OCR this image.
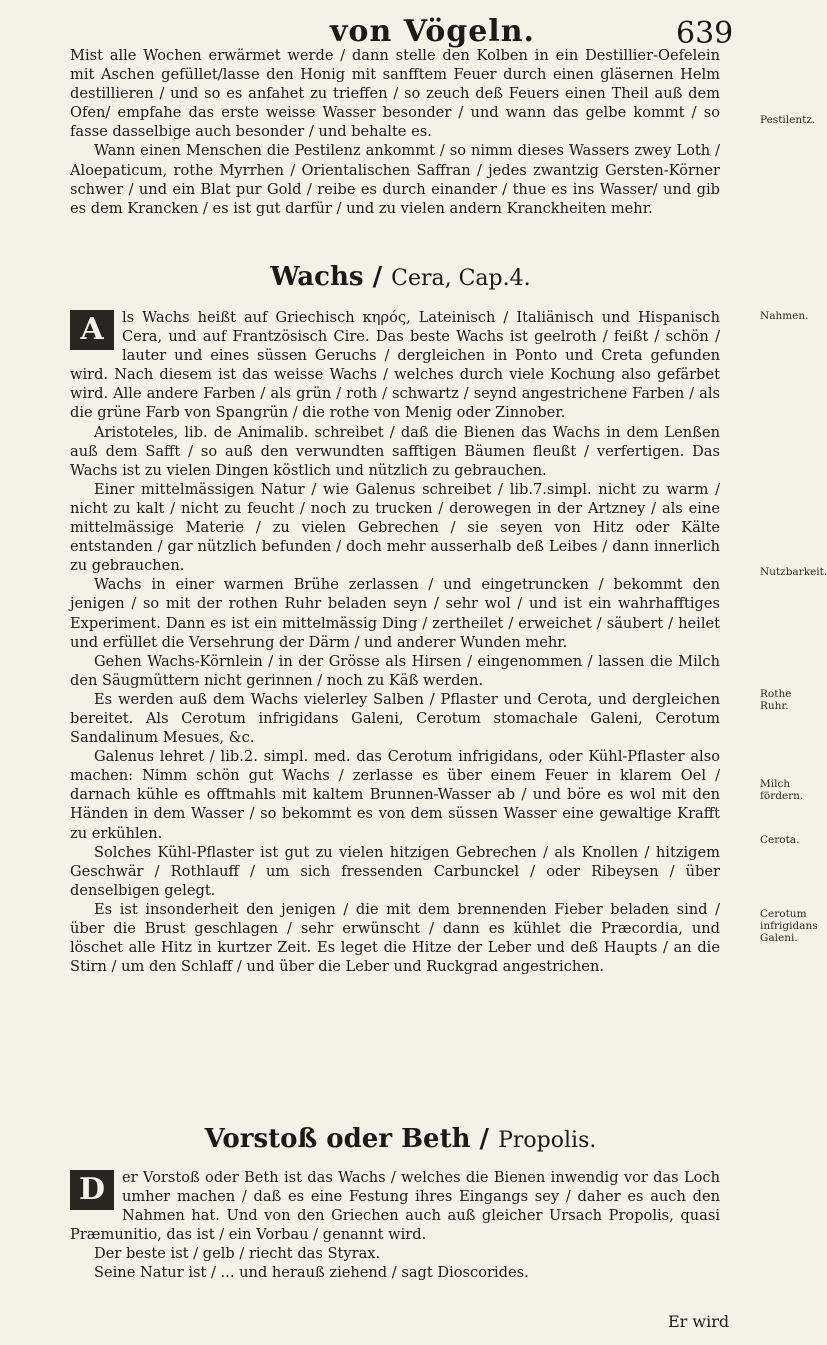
von Vögeln.	639

Mist alle Wochen erwärmet werde / dann stelle den Kolben in ein Destillier-Oefelein mit Aschen gefüllet/lasse den Honig mit sanfftem Feuer durch einen gläsernen Helm destillieren / und so es anfahet zu trieffen / so zeuch deß Feuers einen Theil auß dem Ofen/ empfahe das erste weisse Wasser besonder / und wann das gelbe kommt / so fasse dasselbige auch besonder / und behalte es.

Wann einen Menschen die Pestilenz ankommt / so nimm dieses Wassers zwey Loth / Aloepaticum, rothe Myrrhen / Orientalischen Saffran / jedes zwantzig Gersten-Körner schwer / und ein Blat pur Gold / reibe es durch einander / thue es ins Wasser/ und gib es dem Krancken / es ist gut darfür / und zu vielen andern Kranckheiten mehr.

Wachs / Cera, Cap.4.

A	ls Wachs heißt auf Griechisch κηρός, Lateinisch / Italiänisch und Hispanisch Cera, und auf Frantzösisch Cire. Das beste Wachs ist geelroth / feißt / schön / lauter und eines süssen Geruchs / dergleichen in Ponto und Creta gefunden wird. Nach diesem ist das weisse Wachs / welches durch viele Kochung also gefärbet wird. Alle andere Farben / als grün / roth / schwartz / seynd angestrichene Farben / als die grüne Farb von Spangrün / die rothe von Menig oder Zinnober.

Aristoteles, lib. de Animalib. schreibet / daß die Bienen das Wachs in dem Lenßen auß dem Safft / so auß den verwundten safftigen Bäumen fleußt / verfertigen. Das Wachs ist zu vielen Dingen köstlich und nützlich zu gebrauchen.

Einer mittelmässigen Natur / wie Galenus schreibet / lib.7.simpl. nicht zu warm / nicht zu kalt / nicht zu feucht / noch zu trucken / derowegen in der Artzney / als eine mittelmässige Materie / zu vielen Gebrechen / sie seyen von Hitz oder Kälte entstanden / gar nützlich befunden / doch mehr ausserhalb deß Leibes / dann innerlich zu gebrauchen.

Wachs in einer warmen Brühe zerlassen / und eingetruncken / bekommt den jenigen / so mit der rothen Ruhr beladen seyn / sehr wol / und ist ein wahrhafftiges Experiment. Dann es ist ein mittelmässig Ding / zertheilet / erweichet / säubert / heilet und erfüllet die Versehrung der Därm / und anderer Wunden mehr.

Gehen Wachs-Körnlein / in der Grösse als Hirsen / eingenommen / lassen die Milch den Säugmüttern nicht gerinnen / noch zu Käß werden.

Es werden auß dem Wachs vielerley Salben / Pflaster und Cerota, und dergleichen bereitet. Als Cerotum infrigidans Galeni, Cerotum stomachale Galeni, Cerotum Sandalinum Mesues, &c.

Galenus lehret / lib.2. simpl. med. das Cerotum infrigidans, oder Kühl-Pflaster also machen: Nimm schön gut Wachs / zerlasse es über einem Feuer in klarem Oel / darnach kühle es offtmahls mit kaltem Brunnen-Wasser ab / und böre es wol mit den Händen in dem Wasser / so bekommt es von dem süssen Wasser eine gewaltige Krafft zu erkühlen.

Solches Kühl-Pflaster ist gut zu vielen hitzigen Gebrechen / als Knollen / hitzigem Geschwär / Rothlauff / um sich fressenden Carbunckel / oder Ribeysen / über denselbigen gelegt.

Es ist insonderheit den jenigen / die mit dem brennenden Fieber beladen sind / über die Brust geschlagen / sehr erwünscht / dann es kühlet die Præcordia, und löschet alle Hitz in kurtzer Zeit. Es leget die Hitze der Leber und deß Haupts / an die Stirn / um den Schlaff / und über die Leber und Ruckgrad angestrichen.

Vorstoß oder Beth / Propolis.

D	er Vorstoß oder Beth ist das Wachs / welches die Bienen inwendig vor das Loch umher machen / daß es eine Festung ihres Eingangs sey / daher es auch den Nahmen hat. Und von den Griechen auch auß gleicher Ursach Propolis, quasi Præmunitio, das ist / ein Vorbau / genannt wird.

Der beste ist / gelb / riecht das Styrax.

Seine Natur ist / ... und herauß ziehend / sagt Dioscorides.

Pestilentz.
Nahmen.
Nutzbarkeit.
Rothe Ruhr.
Milch fördern.
Cerota.
Cerotum infrigidans Galeni.
Er wird
